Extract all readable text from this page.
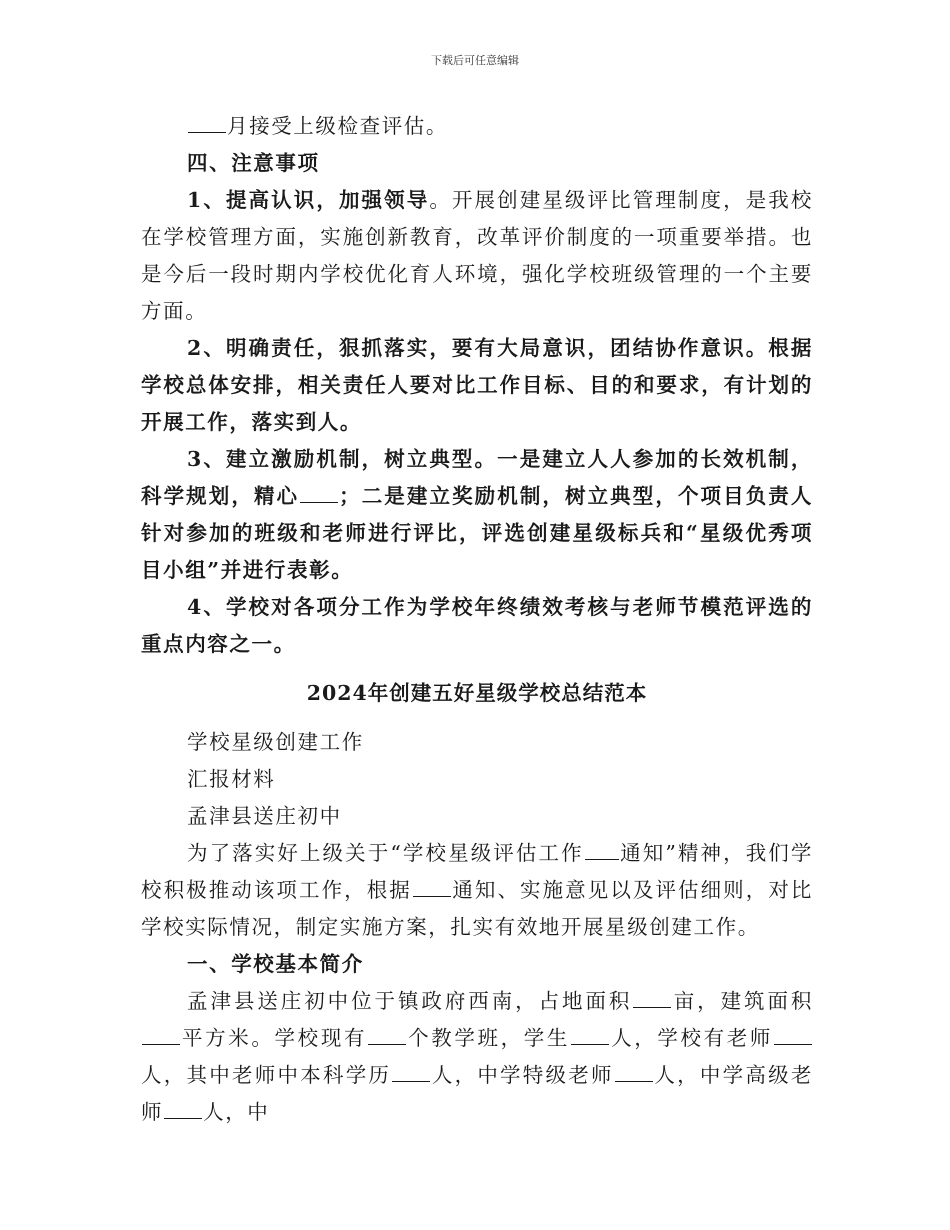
下载后可任意编辑

月接受上级检查评估。

四、注意事项

1、提高认识，加强领导。开展创建星级评比管理制度，是我校在学校管理方面，实施创新教育，改革评价制度的一项重要举措。也是今后一段时期内学校优化育人环境，强化学校班级管理的一个主要方面。

2、明确责任，狠抓落实，要有大局意识，团结协作意识。根据学校总体安排，相关责任人要对比工作目标、目的和要求，有计划的开展工作，落实到人。

3、建立激励机制，树立典型。一是建立人人参加的长效机制，科学规划，精心 ；二是建立奖励机制，树立典型，个项目负责人针对参加的班级和老师进行评比，评选创建星级标兵和“星级优秀项目小组”并进行表彰。

4、学校对各项分工作为学校年终绩效考核与老师节模范评选的重点内容之一。

2024年创建五好星级学校总结范本

学校星级创建工作

汇报材料

孟津县送庄初中

为了落实好上级关于“学校星级评估工作 通知”精神，我们学校积极推动该项工作，根据 通知、实施意见以及评估细则，对比学校实际情况，制定实施方案，扎实有效地开展星级创建工作。

一、学校基本简介

孟津县送庄初中位于镇政府西南，占地面积 亩，建筑面积平方米。学校现有 个教学班，学生 人，学校有老师人，其中老师中本科学历 人，中学特级老师 人，中学高级老师 人，中
